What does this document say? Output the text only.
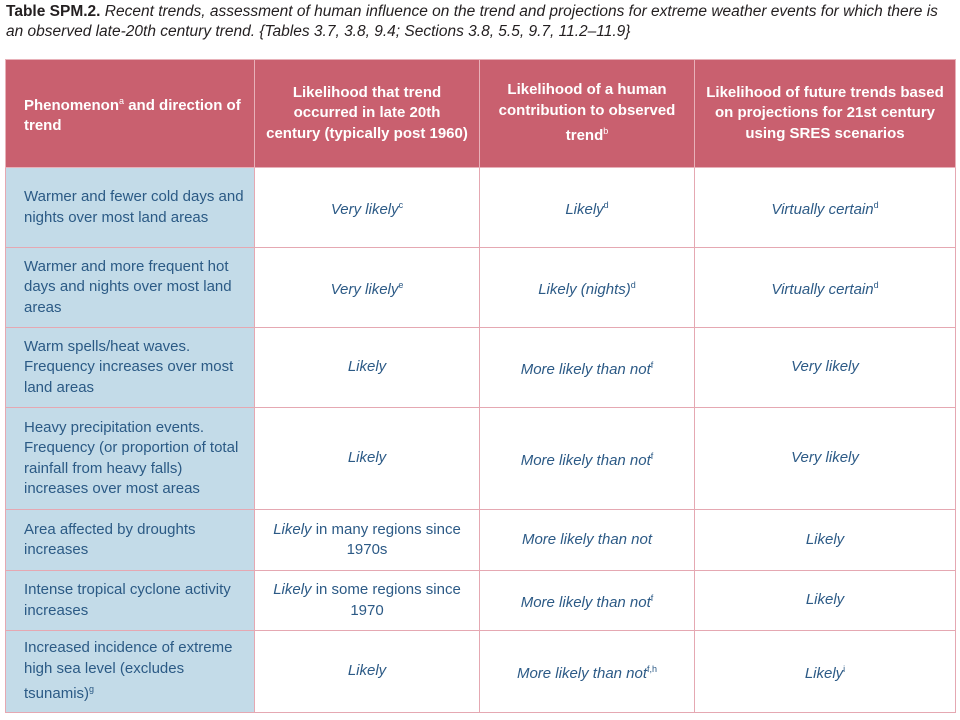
Table SPM.2. Recent trends, assessment of human influence on the trend and projections for extreme weather events for which there is an observed late-20th century trend. {Tables 3.7, 3.8, 9.4; Sections 3.8, 5.5, 9.7, 11.2–11.9}
Phenomenon$^a$ and direction of trend	Likelihood that trend occurred in late 20th century (typically post 1960)	Likelihood of a human contribution to observed trend$^b$	Likelihood of future trends based on projections for 21st century using SRES scenarios
Warmer and fewer cold days and nights over most land areas	Very likely$^c$	Likely$^d$	Virtually certain$^d$
Warmer and more frequent hot days and nights over most land areas	Very likely$^e$	Likely (nights)$^d$	Virtually certain$^d$
Warm spells/heat waves. Frequency increases over most land areas	Likely	More likely than not$^f$	Very likely
Heavy precipitation events. Frequency (or proportion of total rainfall from heavy falls) increases over most areas	Likely	More likely than not$^f$	Very likely
Area affected by droughts increases	Likely in many regions since 1970s	More likely than not	Likely
Intense tropical cyclone activity increases	Likely in some regions since 1970	More likely than not$^f$	Likely
Increased incidence of extreme high sea level (excludes tsunamis)$^g$	Likely	More likely than not$^{f,h}$	Likely$^i$
